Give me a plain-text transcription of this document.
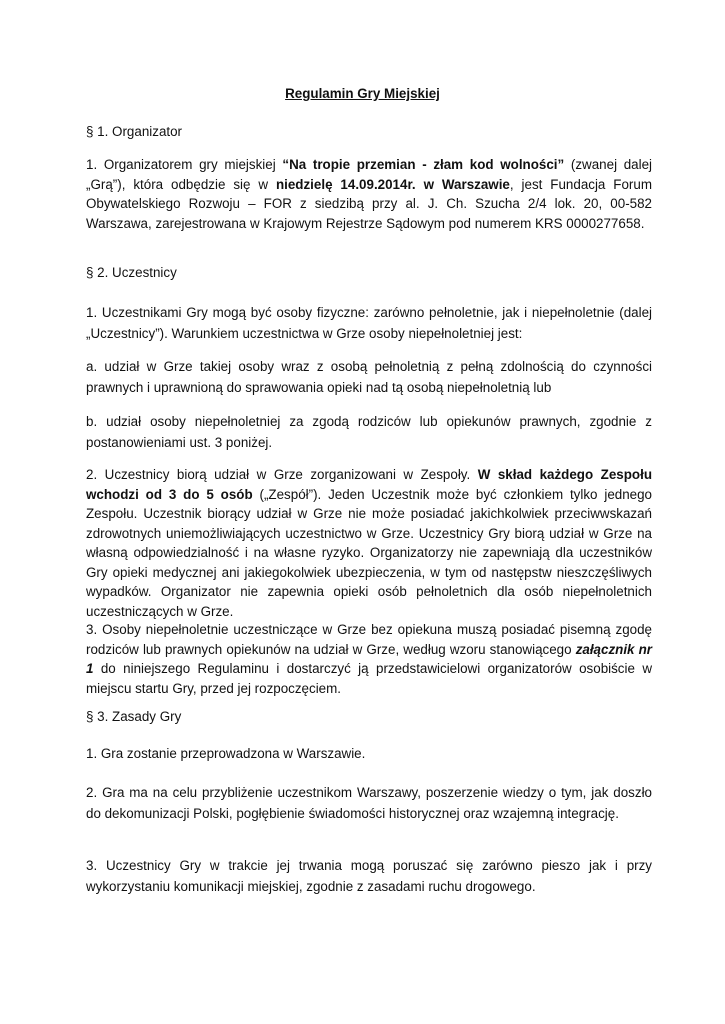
Regulamin Gry Miejskiej

§ 1. Organizator

1. Organizatorem gry miejskiej “Na tropie przemian - złam kod wolności” (zwanej dalej „Grą”), która odbędzie się w niedzielę 14.09.2014r. w Warszawie, jest Fundacja Forum Obywatelskiego Rozwoju – FOR z siedzibą przy al. J. Ch. Szucha 2/4 lok. 20, 00-582 Warszawa, zarejestrowana w Krajowym Rejestrze Sądowym pod numerem KRS 0000277658.

§ 2. Uczestnicy

1. Uczestnikami Gry mogą być osoby fizyczne: zarówno pełnoletnie, jak i niepełnoletnie (dalej „Uczestnicy”). Warunkiem uczestnictwa w Grze osoby niepełnoletniej jest:

a. udział w Grze takiej osoby wraz z osobą pełnoletnią z pełną zdolnością do czynności prawnych i uprawnioną do sprawowania opieki nad tą osobą niepełnoletnią lub

b. udział osoby niepełnoletniej za zgodą rodziców lub opiekunów prawnych, zgodnie z postanowieniami ust. 3 poniżej.

2. Uczestnicy biorą udział w Grze zorganizowani w Zespoły. W skład każdego Zespołu wchodzi od 3 do 5 osób („Zespół”). Jeden Uczestnik może być członkiem tylko jednego Zespołu. Uczestnik biorący udział w Grze nie może posiadać jakichkolwiek przeciwwskazań zdrowotnych uniemożliwiających uczestnictwo w Grze. Uczestnicy Gry biorą udział w Grze na własną odpowiedzialność i na własne ryzyko. Organizatorzy nie zapewniają dla uczestników Gry opieki medycznej ani jakiegokolwiek ubezpieczenia, w tym od następstw nieszczęśliwych wypadków. Organizator nie zapewnia opieki osób pełnoletnich dla osób niepełnoletnich uczestniczących w Grze.

3. Osoby niepełnoletnie uczestniczące w Grze bez opiekuna muszą posiadać pisemną zgodę rodziców lub prawnych opiekunów na udział w Grze, według wzoru stanowiącego załącznik nr 1 do niniejszego Regulaminu i dostarczyć ją przedstawicielowi organizatorów osobiście w miejscu startu Gry, przed jej rozpoczęciem.

§ 3. Zasady Gry

1. Gra zostanie przeprowadzona w Warszawie.

2. Gra ma na celu przybliżenie uczestnikom Warszawy, poszerzenie wiedzy o tym, jak doszło do dekomunizacji Polski, pogłębienie świadomości historycznej oraz wzajemną integrację.

3. Uczestnicy Gry w trakcie jej trwania mogą poruszać się zarówno pieszo jak i przy wykorzystaniu komunikacji miejskiej, zgodnie z zasadami ruchu drogowego.
